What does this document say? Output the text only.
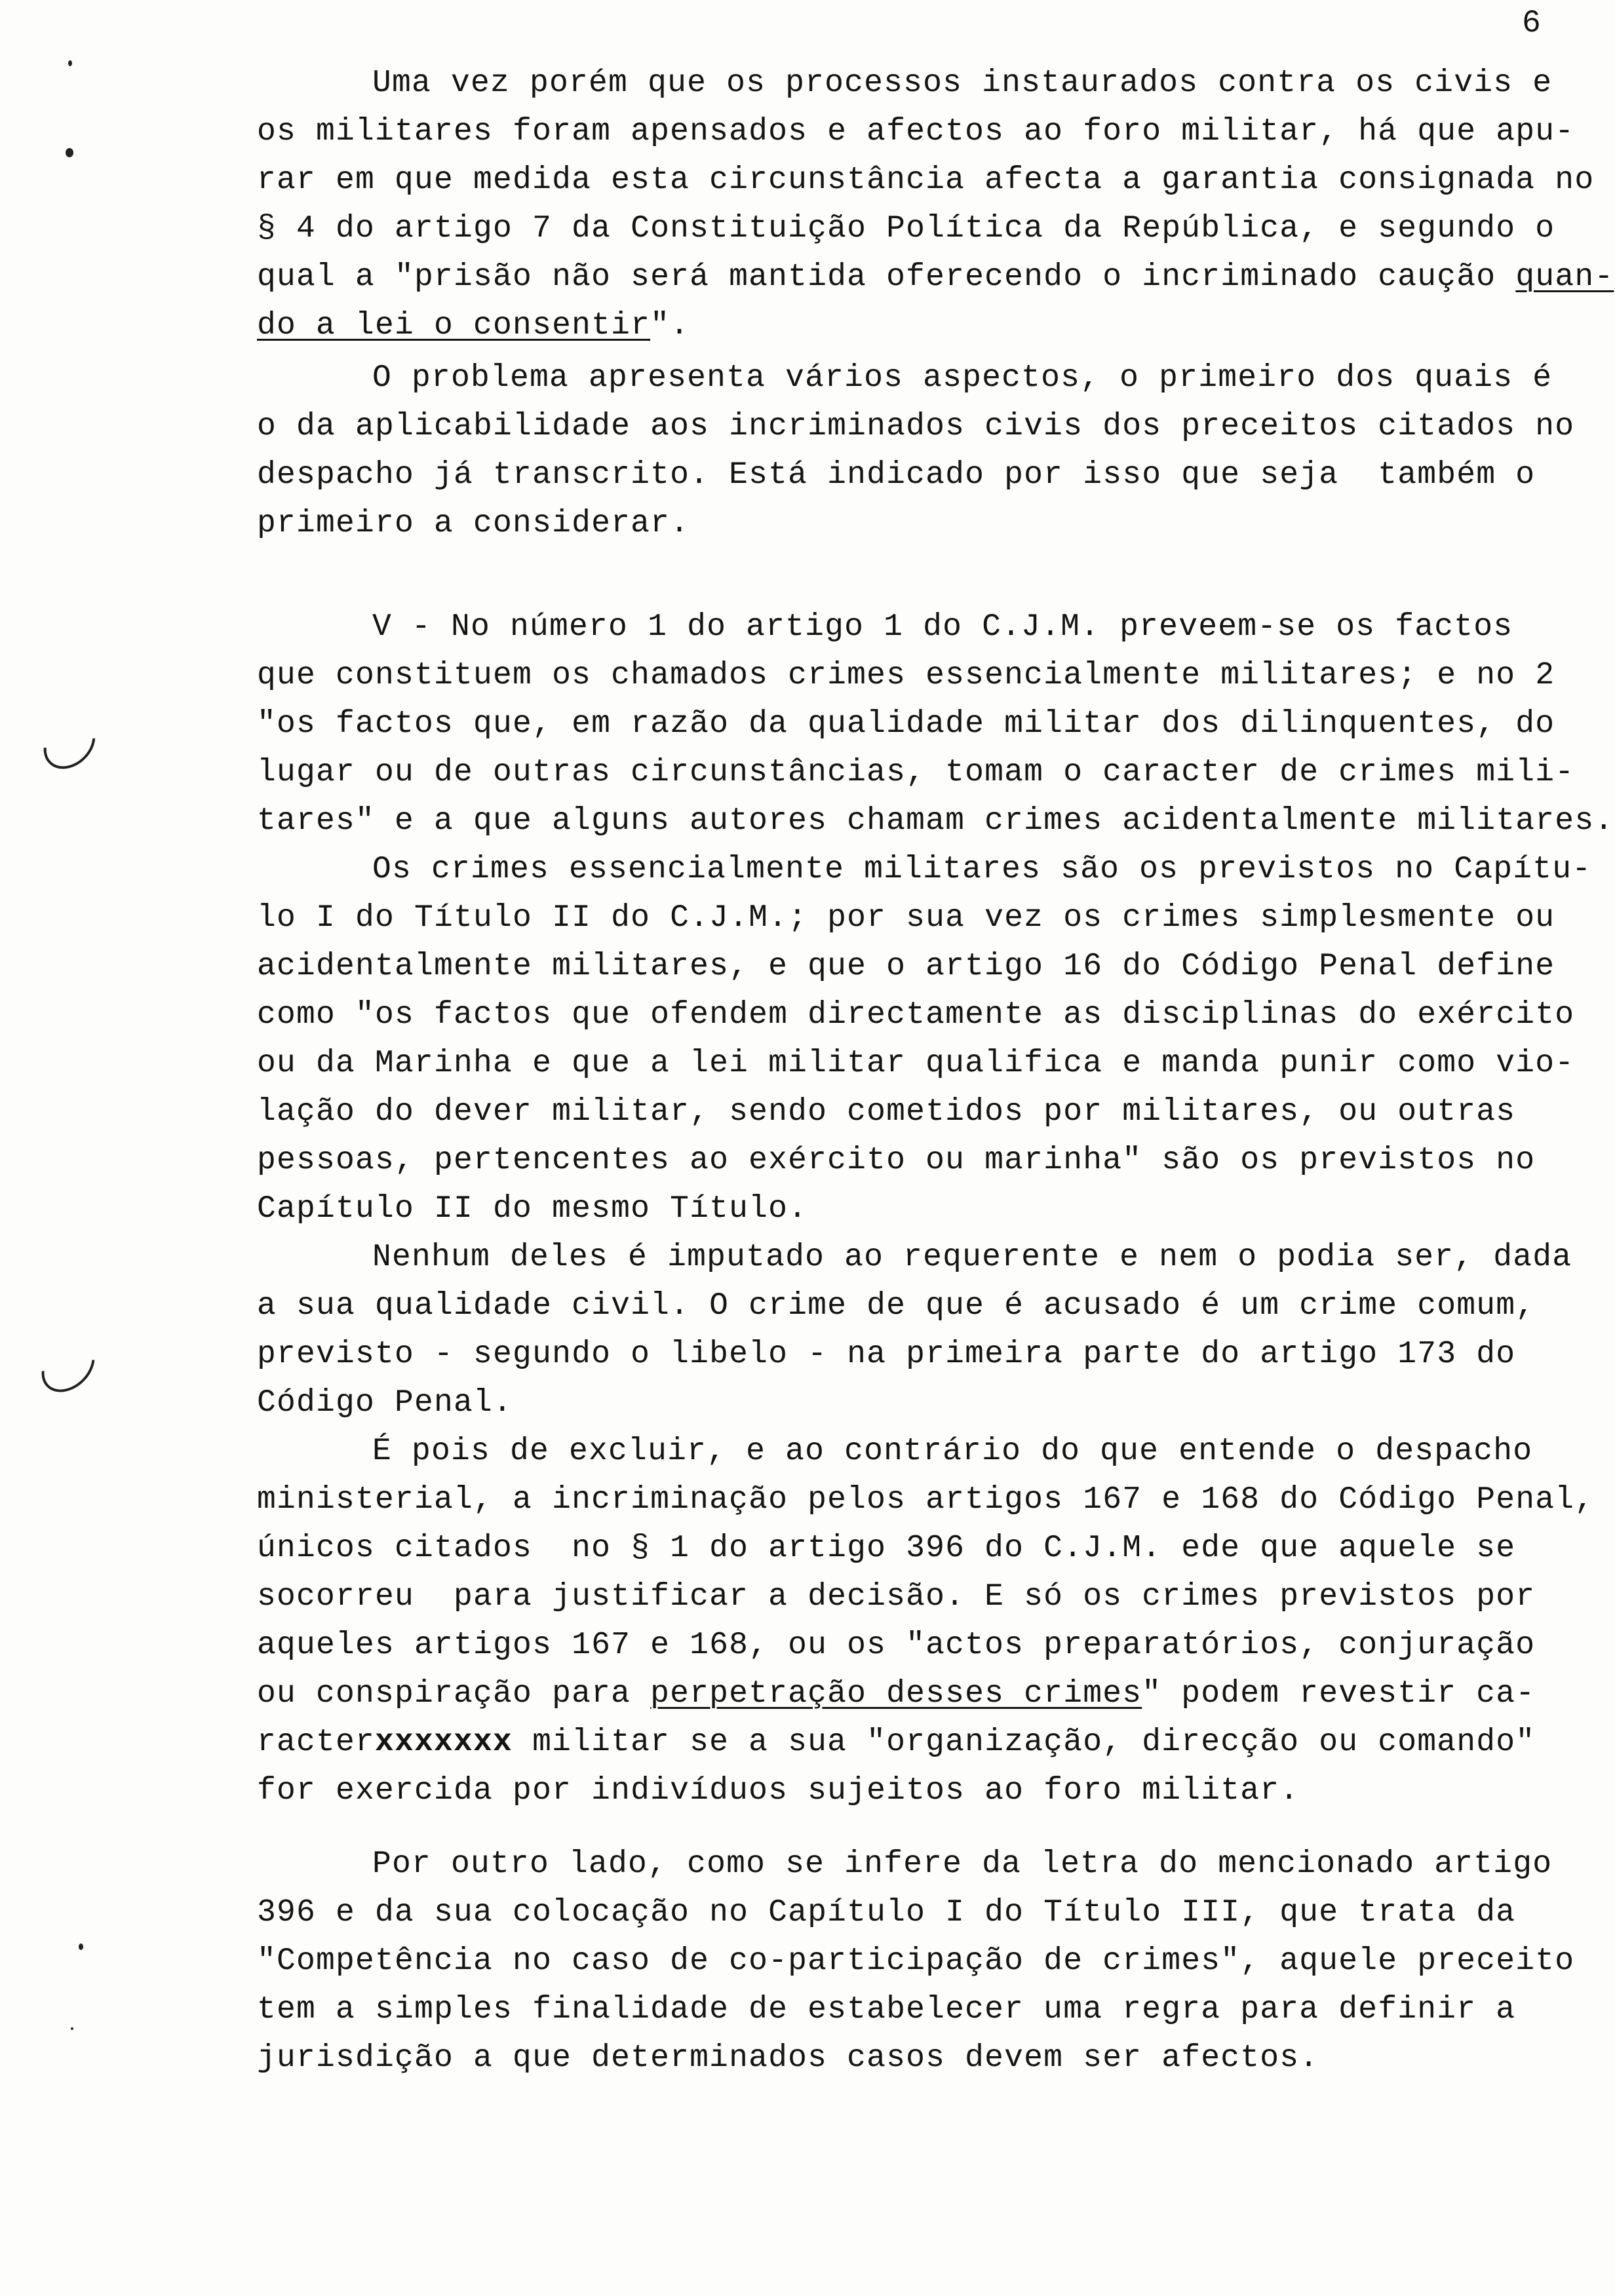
6
Uma vez porém que os processos instaurados contra os civis e
os militares foram apensados e afectos ao foro militar, há que apu-
rar em que medida esta circunstância afecta a garantia consignada no
§ 4 do artigo 7 da Constituição Política da República, e segundo o
qual a "prisão não será mantida oferecendo o incriminado caução quan-
do a lei o consentir".
O problema apresenta vários aspectos, o primeiro dos quais é
o da aplicabilidade aos incriminados civis dos preceitos citados no
despacho já transcrito. Está indicado por isso que seja  também o
primeiro a considerar.
V - No número 1 do artigo 1 do C.J.M. preveem-se os factos
que constituem os chamados crimes essencialmente militares; e no 2
"os factos que, em razão da qualidade militar dos dilinquentes, do
lugar ou de outras circunstâncias, tomam o caracter de crimes mili-
tares" e a que alguns autores chamam crimes acidentalmente militares.
Os crimes essencialmente militares são os previstos no Capítu-
lo I do Título II do C.J.M.; por sua vez os crimes simplesmente ou
acidentalmente militares, e que o artigo 16 do Código Penal define
como "os factos que ofendem directamente as disciplinas do exército
ou da Marinha e que a lei militar qualifica e manda punir como vio-
lação do dever militar, sendo cometidos por militares, ou outras
pessoas, pertencentes ao exército ou marinha" são os previstos no
Capítulo II do mesmo Título.
Nenhum deles é imputado ao requerente e nem o podia ser, dada
a sua qualidade civil. O crime de que é acusado é um crime comum,
previsto - segundo o libelo - na primeira parte do artigo 173 do
Código Penal.
É pois de excluir, e ao contrário do que entende o despacho
ministerial, a incriminação pelos artigos 167 e 168 do Código Penal,
únicos citados  no § 1 do artigo 396 do C.J.M. ede que aquele se
socorreu  para justificar a decisão. E só os crimes previstos por
aqueles artigos 167 e 168, ou os "actos preparatórios, conjuração
ou conspiração para perpetração desses crimes" podem revestir ca-
racterxxxxxxx militar se a sua "organização, direcção ou comando"
for exercida por indivíduos sujeitos ao foro militar.
Por outro lado, como se infere da letra do mencionado artigo
396 e da sua colocação no Capítulo I do Título III, que trata da
"Competência no caso de co-participação de crimes", aquele preceito
tem a simples finalidade de estabelecer uma regra para definir a
jurisdição a que determinados casos devem ser afectos.
